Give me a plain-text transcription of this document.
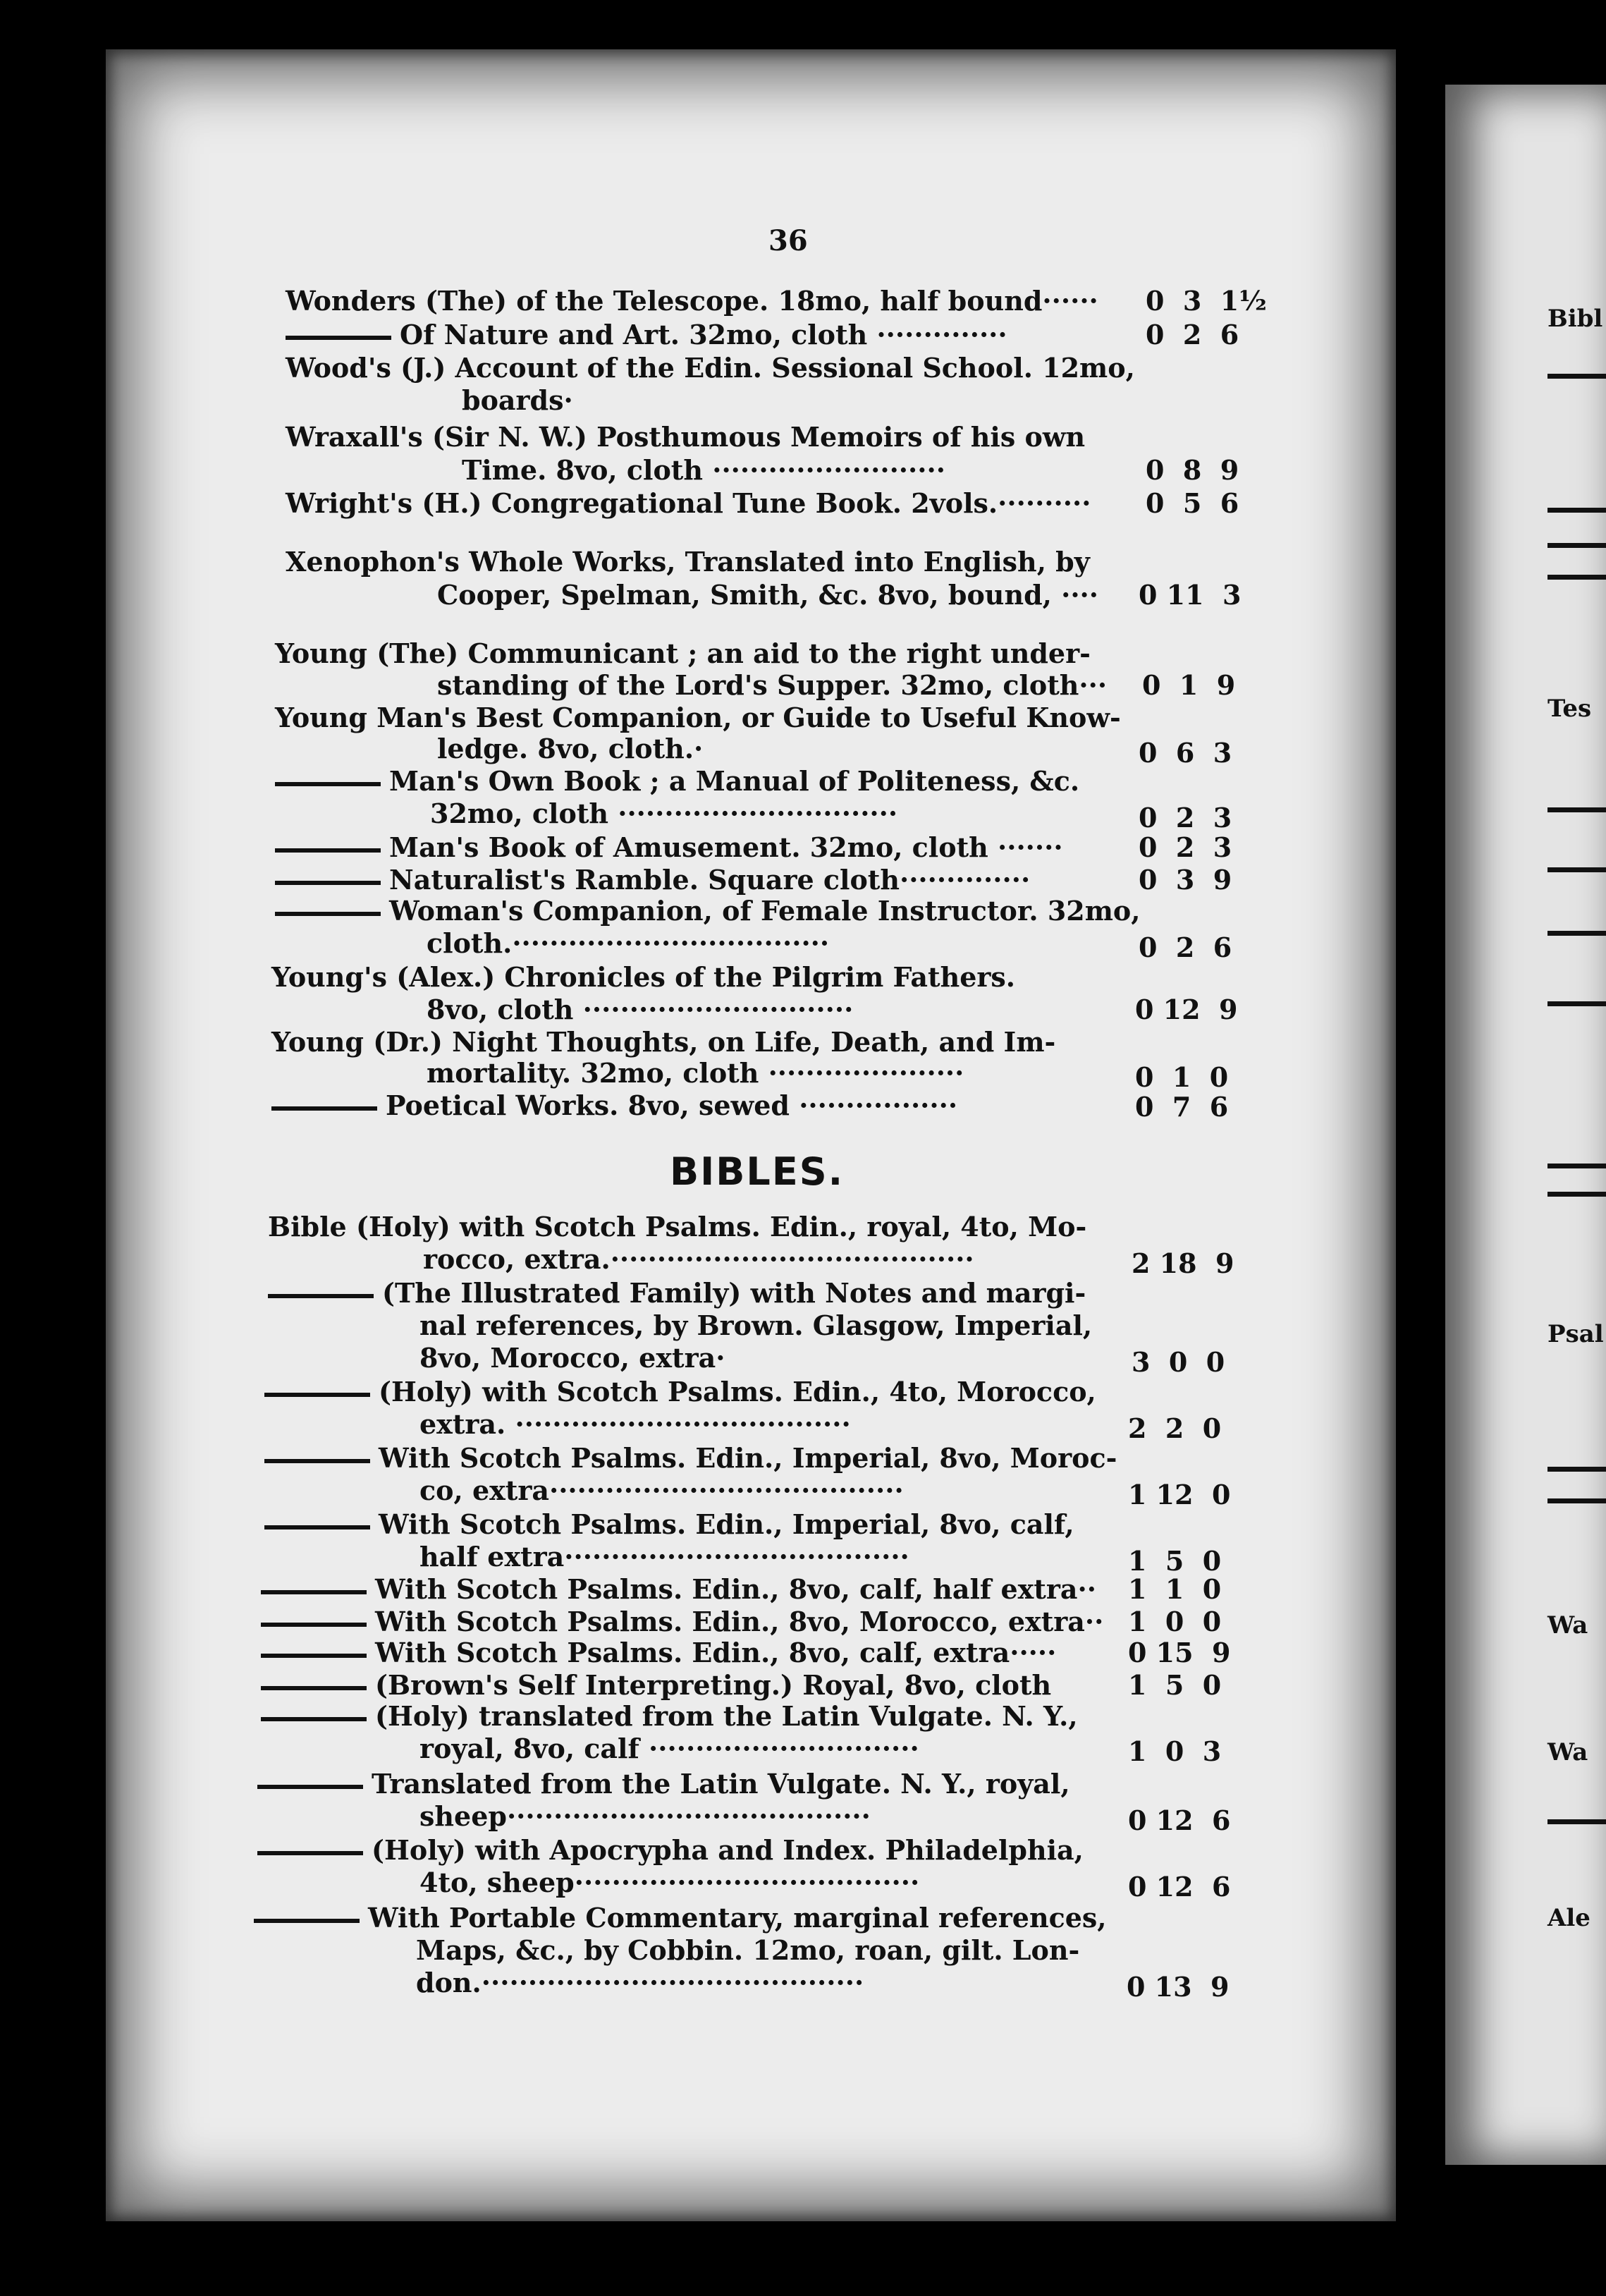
36
Wonders (The) of the Telescope. 18mo, half bound······ 0  3  1½
Of Nature and Art. 32mo, cloth ··············	0  2  6
Wood's (J.) Account of the Edin. Sessional School. 12mo,
boards·
Wraxall's (Sir N. W.) Posthumous Memoirs of his own
Time. 8vo, cloth ·························	0  8  9
Wright's (H.) Congregational Tune Book. 2vols.·········· 0  5  6
Xenophon's Whole Works, Translated into English, by
Cooper, Spelman, Smith, &c. 8vo, bound, ···· 0 11  3
Young (The) Communicant ; an aid to the right under-
standing of the Lord's Supper. 32mo, cloth··· 0  1  9
Young Man's Best Companion, or Guide to Useful Know-
ledge. 8vo, cloth.·	0  6  3
Man's Own Book ; a Manual of Politeness, &c.
32mo, cloth ······························	0  2  3
Man's Book of Amusement. 32mo, cloth ·······	0  2  3
Naturalist's Ramble. Square cloth··············	0  3  9
Woman's Companion, of Female Instructor. 32mo,
cloth.··································	0  2  6
Young's (Alex.) Chronicles of the Pilgrim Fathers.
8vo, cloth ·····························	0 12  9
Young (Dr.) Night Thoughts, on Life, Death, and Im-
mortality. 32mo, cloth ·····················	0  1  0
Poetical Works. 8vo, sewed ·················	0  7  6
BIBLES.
Bible (Holy) with Scotch Psalms. Edin., royal, 4to, Mo-
rocco, extra.·······································	2 18  9
(The Illustrated Family) with Notes and margi-
nal references, by Brown. Glasgow, Imperial,
8vo, Morocco, extra·	3  0  0
(Holy) with Scotch Psalms. Edin., 4to, Morocco,
extra. ····································	2  2  0
With Scotch Psalms. Edin., Imperial, 8vo, Moroc-
co, extra······································	1 12  0
With Scotch Psalms. Edin., Imperial, 8vo, calf,
half extra·····································	1  5  0
With Scotch Psalms. Edin., 8vo, calf, half extra·· 1  1  0
With Scotch Psalms. Edin., 8vo, Morocco, extra·· 1  0  0
With Scotch Psalms. Edin., 8vo, calf, extra·····	0 15  9
(Brown's Self Interpreting.) Royal, 8vo, cloth	1  5  0
(Holy) translated from the Latin Vulgate. N. Y.,
royal, 8vo, calf ·····························	1  0  3
Translated from the Latin Vulgate. N. Y., royal,
sheep·······································	0 12  6
(Holy) with Apocrypha and Index. Philadelphia,
4to, sheep·····································	0 12  6
With Portable Commentary, marginal references,
Maps, &c., by Cobbin. 12mo, roan, gilt. Lon-
don.·········································	0 13  9
Bibl
Tes
Psal
Wa
Wa
Ale
